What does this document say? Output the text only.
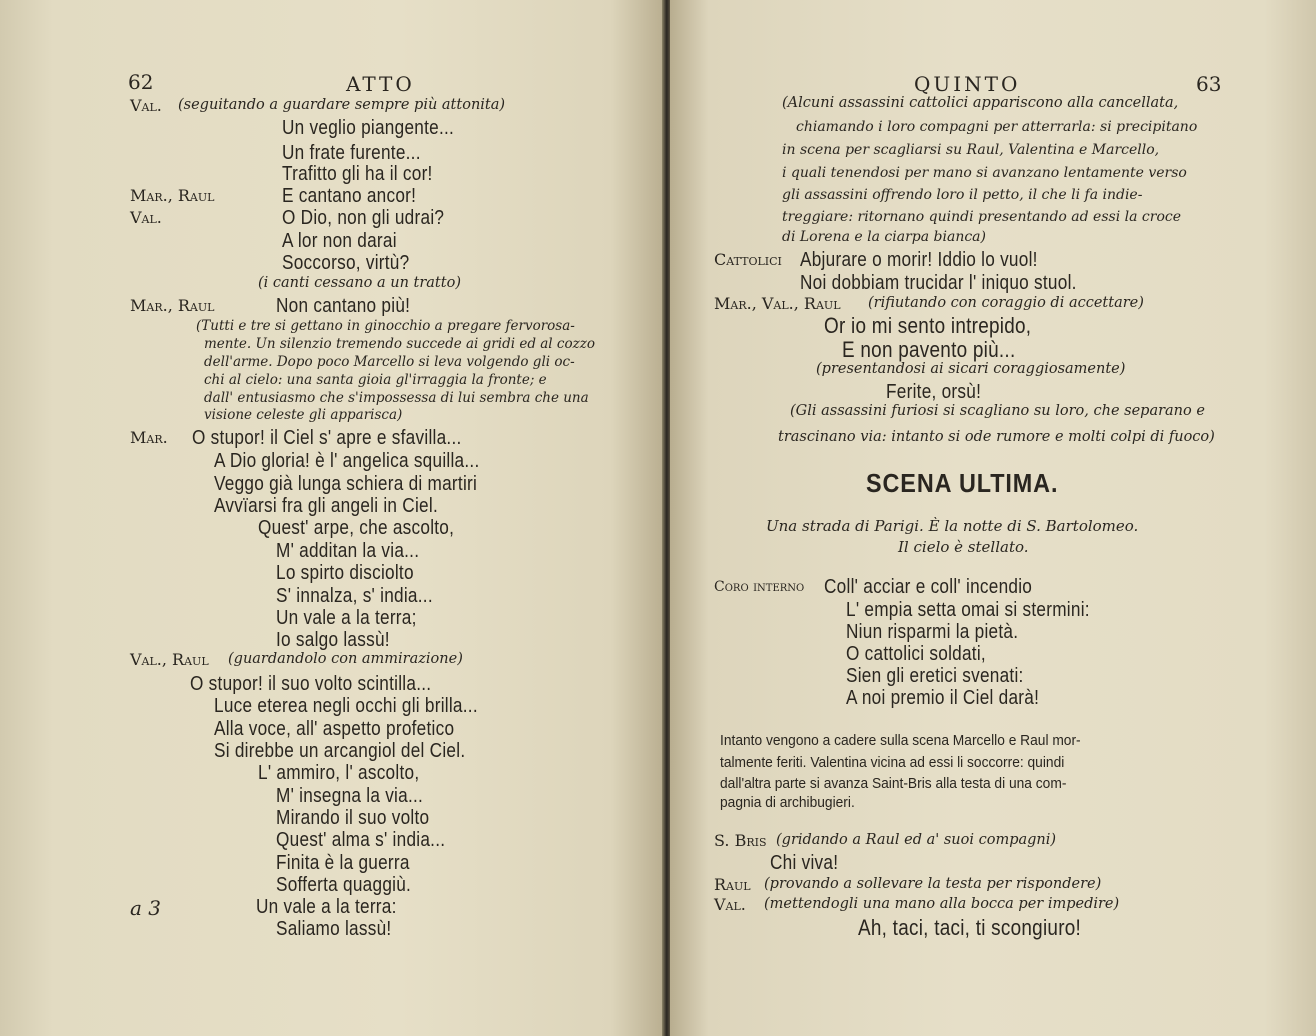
62	ATTO
Val. (seguitando a guardare sempre più attonita)
Un veglio piangente...
Un frate furente...
Trafitto gli ha il cor!
Mar., Raul	E cantano ancor!
Val.	O Dio, non gli udrai?
A lor non darai
Soccorso, virtù?
(i canti cessano a un tratto)
Mar., Raul	Non cantano più!
(Tutti e tre si gettano in ginocchio a pregare fervorosa-
mente. Un silenzio tremendo succede ai gridi ed al cozzo
dell'arme. Dopo poco Marcello si leva volgendo gli oc-
chi al cielo: una santa gioia gl'irraggia la fronte; e
dall' entusiasmo che s'impossessa di lui sembra che una
visione celeste gli apparisca)
Mar. O stupor! il Ciel s' apre e sfavilla...
A Dio gloria! è l' angelica squilla...
Veggo già lunga schiera di martiri
Avvïarsi fra gli angeli in Ciel.
Quest' arpe, che ascolto,
M' additan la via...
Lo spirto disciolto
S' innalza, s' india...
Un vale a la terra;
Io salgo lassù!
Val., Raul (guardandolo con ammirazione)
O stupor! il suo volto scintilla...
Luce eterea negli occhi gli brilla...
Alla voce, all' aspetto profetico
Si direbbe un arcangiol del Ciel.
L' ammiro, l' ascolto,
M' insegna la via...
Mirando il suo volto
Quest' alma s' india...
Finita è la guerra
Sofferta quaggiù.
a 3	Un vale a la terra:
Saliamo lassù!
QUINTO	63
(Alcuni assassini cattolici appariscono alla cancellata,
chiamando i loro compagni per atterrarla: si precipitano
in scena per scagliarsi su Raul, Valentina e Marcello,
i quali tenendosi per mano si avanzano lentamente verso
gli assassini offrendo loro il petto, il che li fa indie-
treggiare: ritornano quindi presentando ad essi la croce
di Lorena e la ciarpa bianca)
Cattolici Abjurare o morir! Iddio lo vuol!
Noi dobbiam trucidar l' iniquo stuol.
Mar., Val., Raul (rifiutando con coraggio di accettare)
Or io mi sento intrepido,
E non pavento più...
(presentandosi ai sicari coraggiosamente)
Ferite, orsù!
(Gli assassini furiosi si scagliano su loro, che separano e
trascinano via: intanto si ode rumore e molti colpi di fuoco)
SCENA ULTIMA.
Una strada di Parigi. È la notte di S. Bartolomeo.
Il cielo è stellato.
Coro interno Coll' acciar e coll' incendio
L' empia setta omai si stermini:
Niun risparmi la pietà.
O cattolici soldati,
Sien gli eretici svenati:
A noi premio il Ciel darà!
Intanto vengono a cadere sulla scena Marcello e Raul mor-
talmente feriti. Valentina vicina ad essi li soccorre: quindi
dall'altra parte si avanza Saint-Bris alla testa di una com-
pagnia di archibugieri.
S. Bris (gridando a Raul ed a' suoi compagni)
Chi viva!
Raul (provando a sollevare la testa per rispondere)
Val. (mettendogli una mano alla bocca per impedire)
Ah, taci, taci, ti scongiuro!
